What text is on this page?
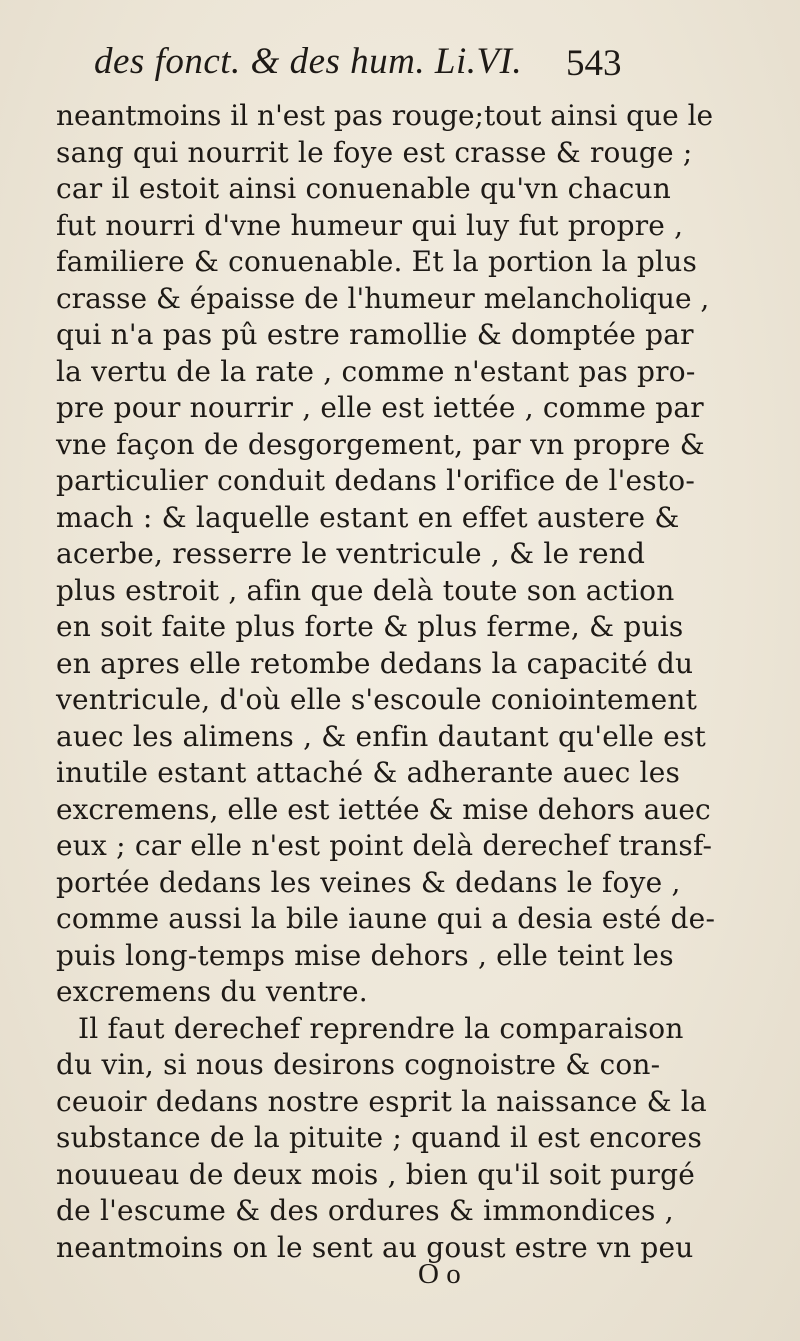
des fonct. & des hum. Li.VI. 543
neantmoins il n'est pas rouge;tout ainsi que le
sang qui nourrit le foye est crasse & rouge ;
car il estoit ainsi conuenable qu'vn chacun
fut nourri d'vne humeur qui luy fut propre ,
familiere & conuenable. Et la portion la plus
crasse & épaisse de l'humeur melancholique ,
qui n'a pas pû estre ramollie & domptée par
la vertu de la rate , comme n'estant pas pro-
pre pour nourrir , elle est iettée , comme par
vne façon de desgorgement, par vn propre &
particulier conduit dedans l'orifice de l'esto-
mach : & laquelle estant en effet austere &
acerbe, resserre le ventricule , & le rend
plus estroit , afin que delà toute son action
en soit faite plus forte & plus ferme, & puis
en apres elle retombe dedans la capacité du
ventricule, d'où elle s'escoule coniointement
auec les alimens , & enfin dautant qu'elle est
inutile estant attaché & adherante auec les
excremens, elle est iettée & mise dehors auec
eux ; car elle n'est point delà derechef transf-
portée dedans les veines & dedans le foye ,
comme aussi la bile iaune qui a desia esté de-
puis long-temps mise dehors , elle teint les
excremens du ventre.
Il faut derechef reprendre la comparaison
du vin, si nous desirons cognoistre & con-
ceuoir dedans nostre esprit la naissance & la
substance de la pituite ; quand il est encores
nouueau de deux mois , bien qu'il soit purgé
de l'escume & des ordures & immondices ,
neantmoins on le sent au goust estre vn peu
O o
